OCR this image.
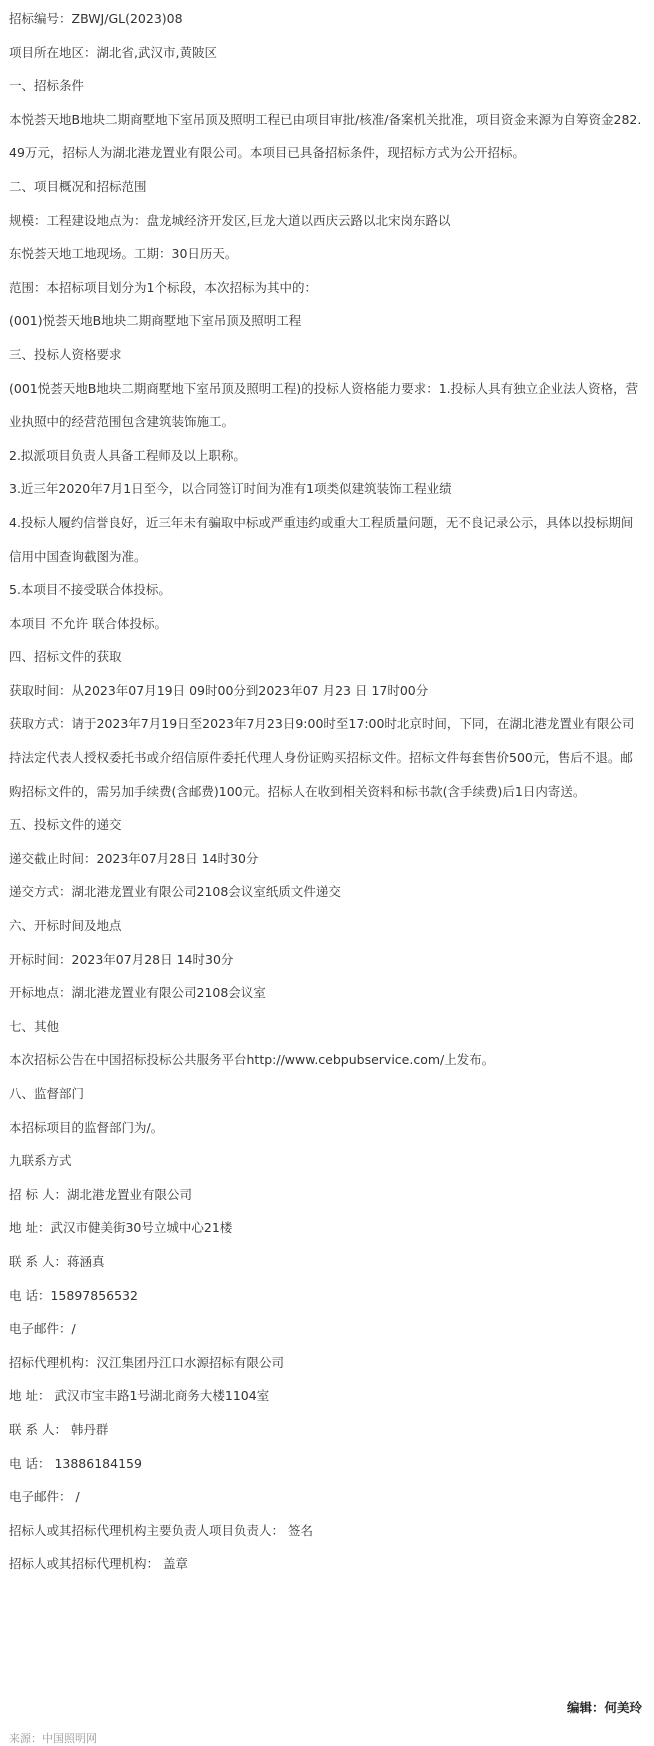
招标编号：ZBWJ/GL(2023)08

项目所在地区：湖北省,武汉市,黄陂区

一、招标条件

本悦荟天地B地块二期商墅地下室吊顶及照明工程已由项目审批/核准/备案机关批准，项目资金来源为自筹资金282.49万元，招标人为湖北港龙置业有限公司。本项目已具备招标条件，现招标方式为公开招标。

二、项目概况和招标范围

规模：工程建设地点为：盘龙城经济开发区,巨龙大道以西庆云路以北宋岗东路以

东悦荟天地工地现场。工期：30日历天。

范围：本招标项目划分为1个标段，本次招标为其中的：

(001)悦荟天地B地块二期商墅地下室吊顶及照明工程

三、投标人资格要求

(001悦荟天地B地块二期商墅地下室吊顶及照明工程)的投标人资格能力要求：1.投标人具有独立企业法人资格，营业执照中的经营范围包含建筑装饰施工。

2.拟派项目负责人具备工程师及以上职称。

3.近三年2020年7月1日至今，以合同签订时间为准有1项类似建筑装饰工程业绩

4.投标人履约信誉良好，近三年未有骗取中标或严重违约或重大工程质量问题，无不良记录公示，具体以投标期间信用中国查询截图为准。

5.本项目不接受联合体投标。

本项目 不允许 联合体投标。

四、招标文件的获取

获取时间：从2023年07月19日 09时00分到2023年07 月23 日 17时00分

获取方式：请于2023年7月19日至2023年7月23日9:00时至17:00时北京时间，下同，在湖北港龙置业有限公司持法定代表人授权委托书或介绍信原件委托代理人身份证购买招标文件。招标文件每套售价500元，售后不退。邮购招标文件的，需另加手续费(含邮费)100元。招标人在收到相关资料和标书款(含手续费)后1日内寄送。

五、投标文件的递交

递交截止时间：2023年07月28日 14时30分

递交方式：湖北港龙置业有限公司2108会议室纸质文件递交

六、开标时间及地点

开标时间：2023年07月28日 14时30分

开标地点：湖北港龙置业有限公司2108会议室

七、其他

本次招标公告在中国招标投标公共服务平台http://www.cebpubservice.com/上发布。

八、监督部门

本招标项目的监督部门为/。

九联系方式

招 标 人：湖北港龙置业有限公司

地 址：武汉市健美街30号立城中心21楼

联 系 人：蒋涵真

电 话：15897856532

电子邮件：/

招标代理机构：汉江集团丹江口水源招标有限公司

地 址： 武汉市宝丰路1号湖北商务大楼1104室

联 系 人： 韩丹群

电 话： 13886184159

电子邮件： /

招标人或其招标代理机构主要负责人项目负责人： 签名

招标人或其招标代理机构： 盖章

编辑：何美玲
来源：中国照明网
